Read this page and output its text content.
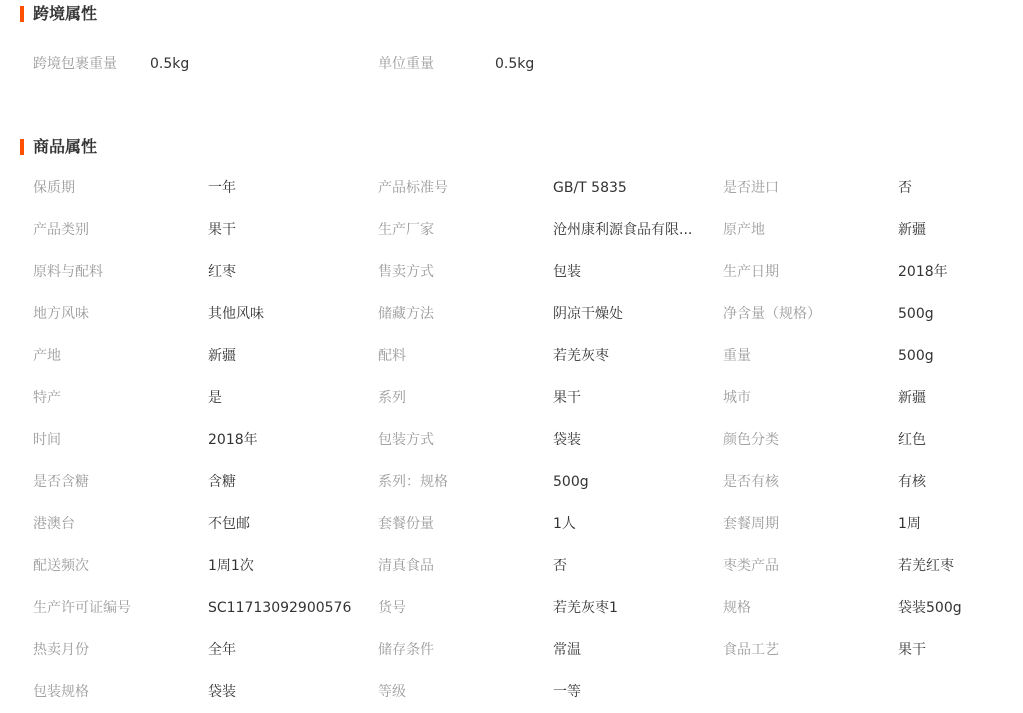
跨境属性
跨境包裹重量	0.5kg	单位重量	0.5kg
商品属性
保质期	一年	产品标准号	GB/T 5835	是否进口	否
产品类别	果干	生产厂家	沧州康利源食品有限... 原产地	新疆
原料与配料	红枣	售卖方式	包装	生产日期	2018年
地方风味	其他风味	储藏方法	阴凉干燥处	净含量（规格）	500g
产地	新疆	配料	若羌灰枣	重量	500g
特产	是	系列	果干	城市	新疆
时间	2018年	包装方式	袋装	颜色分类	红色
是否含糖	含糖	系列：规格	500g	是否有核	有核
港澳台	不包邮	套餐份量	1人	套餐周期	1周
配送频次	1周1次	清真食品	否	枣类产品	若羌红枣
生产许可证编号	SC11713092900576	货号	若羌灰枣1	规格	袋装500g
热卖月份	全年	储存条件	常温	食品工艺	果干
包装规格	袋装	等级	一等
